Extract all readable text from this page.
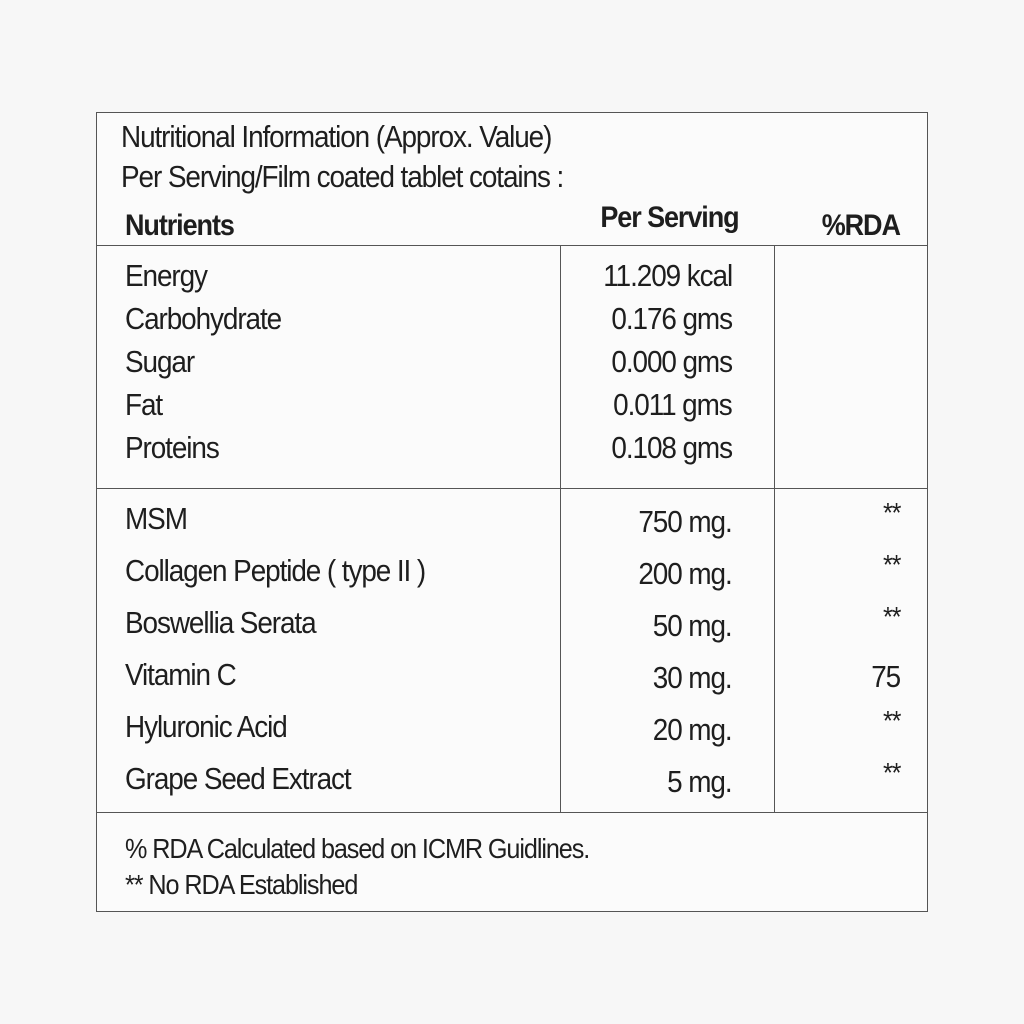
Nutritional Information (Approx. Value)
Per Serving/Film coated tablet cotains :
Nutrients	Per Serving	%RDA
Energy	11.209 kcal
Carbohydrate	0.176 gms
Sugar	0.000 gms
Fat	0.011 gms
Proteins	0.108 gms
MSM	750 mg.	**
Collagen Peptide ( type II )	200 mg.	**
Boswellia Serata	50 mg.	**
Vitamin C	30 mg.	75
Hyluronic Acid	20 mg.	**
Grape Seed Extract	5 mg.	**
% RDA Calculated based on ICMR Guidlines.
** No RDA Established
